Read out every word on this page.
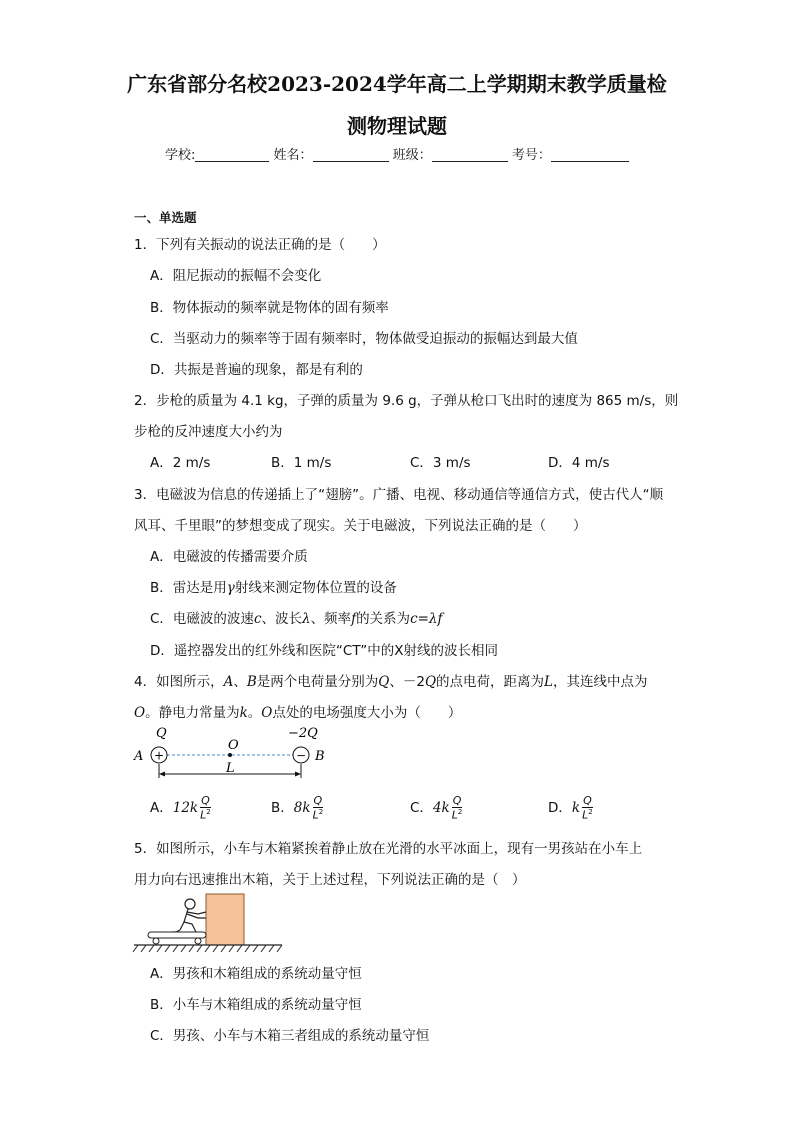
广东省部分名校2023-2024学年高二上学期期末教学质量检
测物理试题
学校:	姓名：	班级：	考号：
一、单选题
1．下列有关振动的说法正确的是（　　）
A．阻尼振动的振幅不会变化
B．物体振动的频率就是物体的固有频率
C．当驱动力的频率等于固有频率时，物体做受迫振动的振幅达到最大值
D．共振是普遍的现象，都是有利的
2．步枪的质量为 4.1 kg，子弹的质量为 9.6 g，子弹从枪口飞出时的速度为 865 m/s，则
步枪的反冲速度大小约为
A．2 m/s	B．1 m/s	C．3 m/s	D．4 m/s
3．电磁波为信息的传递插上了“翅膀”。广播、电视、移动通信等通信方式，使古代人“顺
风耳、千里眼”的梦想变成了现实。关于电磁波，下列说法正确的是（　　）
A．电磁波的传播需要介质
B．雷达是用γ射线来测定物体位置的设备
C．电磁波的波速c、波长λ、频率f的关系为c=λf
D．遥控器发出的红外线和医院“CT”中的X射线的波长相同
4．如图所示，A、B是两个电荷量分别为Q、－2Q的点电荷，距离为L，其连线中点为
O。静电力常量为k。O点处的电场强度大小为（　　）
Q
O
−2Q
A	B
+	−
L
A．$12k \frac{Q}{L^2}$	B．$8k \frac{Q}{L^2}$	C．$4k \frac{Q}{L^2}$	D．k $\frac{Q}{L^2}$
5．如图所示，小车与木箱紧挨着静止放在光滑的水平冰面上，现有一男孩站在小车上
用力向右迅速推出木箱，关于上述过程，下列说法正确的是（　）
A．男孩和木箱组成的系统动量守恒
B．小车与木箱组成的系统动量守恒
C．男孩、小车与木箱三者组成的系统动量守恒
